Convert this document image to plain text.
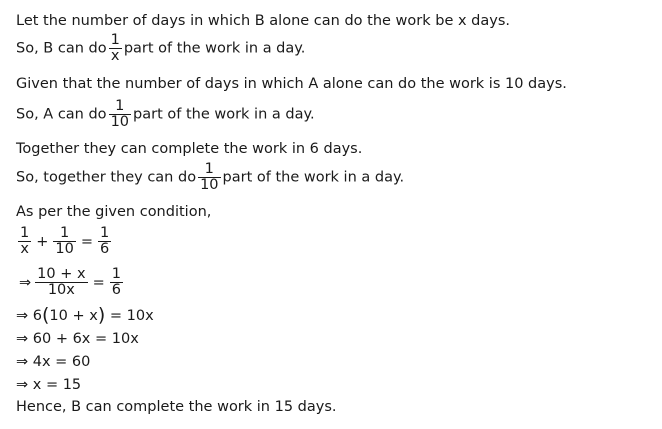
Let the number of days in which B alone can do the work be x days.
So, B can do $\frac{1}{x}$ part of the work in a day.
Given that the number of days in which A alone can do the work is 10 days.
So, A can do $\frac{1}{10}$ part of the work in a day.
Together they can complete the work in 6 days.
So, together they can do $\frac{1}{10}$ part of the work in a day.
As per the given condition,
$\frac{1}{x} + \frac{1}{10} = \frac{1}{6}$
⇒ $\frac{10 + x}{10x} = \frac{1}{6}$
⇒ 6(10 + x) = 10x
⇒ 60 + 6x = 10x
⇒ 4x = 60
⇒ x = 15
Hence, B can complete the work in 15 days.
